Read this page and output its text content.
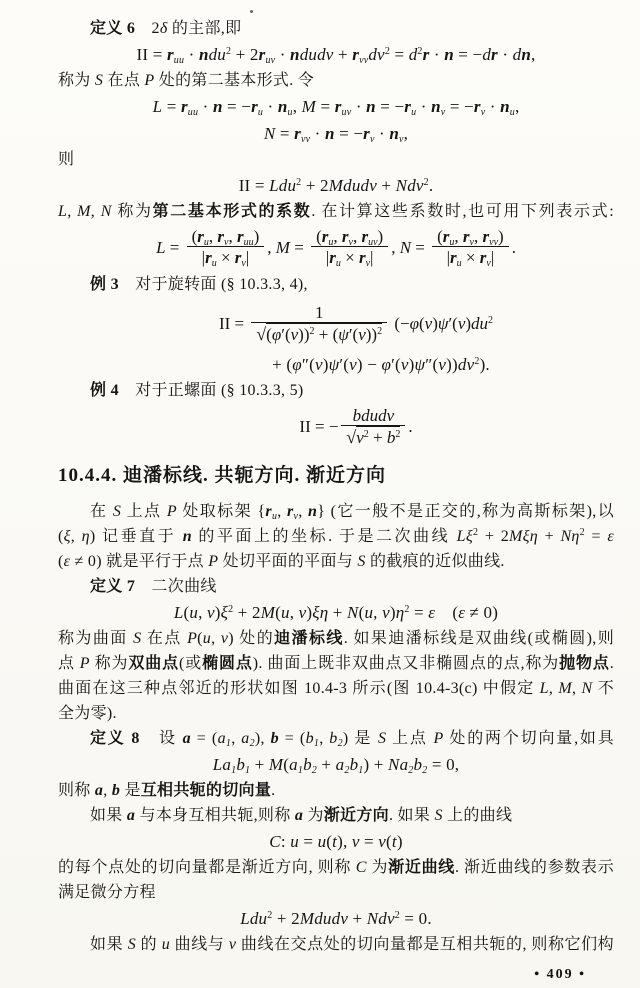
定义 6　2δ 的主部,即
II = $r_{uu} \cdot ndu^2 + 2r_{uv}$ · ndudv + $r_{vv}dv^2 = d^2r \cdot n = -dr$ · dn,
称为 S 在点 P 处的第二基本形式. 令
$L = r_{uu} \cdot n = -r_u \cdot n_u$, $M = r_{uv} \cdot n = -r_u \cdot n_v = -r_v \cdot n_u$,
$N = r_{vv} \cdot n = -r_v \cdot n_v$,
则
II = Ldu$^2$ + 2Mdudv + Ndv$^2$.
L, M, N 称为第二基本形式的系数. 在计算这些系数时,也可用下列表示式:
$L = \frac{(r_u, r_v, r_{uu})}{|r_u \times r_v|}$ , $M = \frac{(r_u, r_v, r_{uv})}{|r_u \times r_v|}$ , $N = \frac{(r_u, r_v, r_{vv})}{|r_u \times r_v|}$ .
例 3　对于旋转面 (§ 10.3.3, 4),
II = $\frac{1}{√(\varphi'(v))^2 + (\psi'(v))^2} (-\varphi(v)\psi'(v)du^2$
+ $(\varphi''(v)\psi'(v) - \varphi'(v)\psi''(v))dv^2$).
例 4　对于正螺面 (§ 10.3.3, 5)
II = − $\frac{\text{bdudv}}{√v^2 + b^2}$ .
10.4.4. 迪潘标线. 共轭方向. 渐近方向
在 S 上点 P 处取标架 {$r_u$, $r_v$, n} (它一般不是正交的,称为高斯标架),以
(ξ, η) 记垂直于 n 的平面上的坐标. 于是二次曲线 $L\xi^2 + 2M\xi\eta + N\eta^2 = \varepsilon$
(ε ≠ 0) 就是平行于点 P 处切平面的平面与 S 的截痕的近似曲线.
定义 7　二次曲线
L(u, $v)\xi^2 + 2M(u$, v)ξη + N(u, $v)\eta^2 = \varepsilon$　(ε ≠ 0)
称为曲面 S 在点 P(u, v) 处的迪潘标线. 如果迪潘标线是双曲线(或椭圆),则
点 P 称为双曲点(或椭圆点). 曲面上既非双曲点又非椭圆点的点,称为抛物点.
曲面在这三种点邻近的形状如图 10.4-3 所示(图 10.4-3(c) 中假定 L, M, N 不
全为零).
定义 8　设 $a = (a_1$, $a_2$), $b = (b_1$, $b_2$) 是 S 上点 P 处的两个切向量,如具
$La_1b_1 + M(a_1b_2 + a_2b_1) + Na_2b_2 = 0$,
则称 a, b 是互相共轭的切向量.
如果 a 与本身互相共轭,则称 a 为渐近方向. 如果 S 上的曲线
C: u = u(t), v = v(t)
的每个点处的切向量都是渐近方向, 则称 C 为渐近曲线. 渐近曲线的参数表示
满足微分方程
Ldu$^2$ + 2Mdudv + Ndv$^2$ = 0.
如果 S 的 u 曲线与 v 曲线在交点处的切向量都是互相共轭的, 则称它们构
• 409 •
